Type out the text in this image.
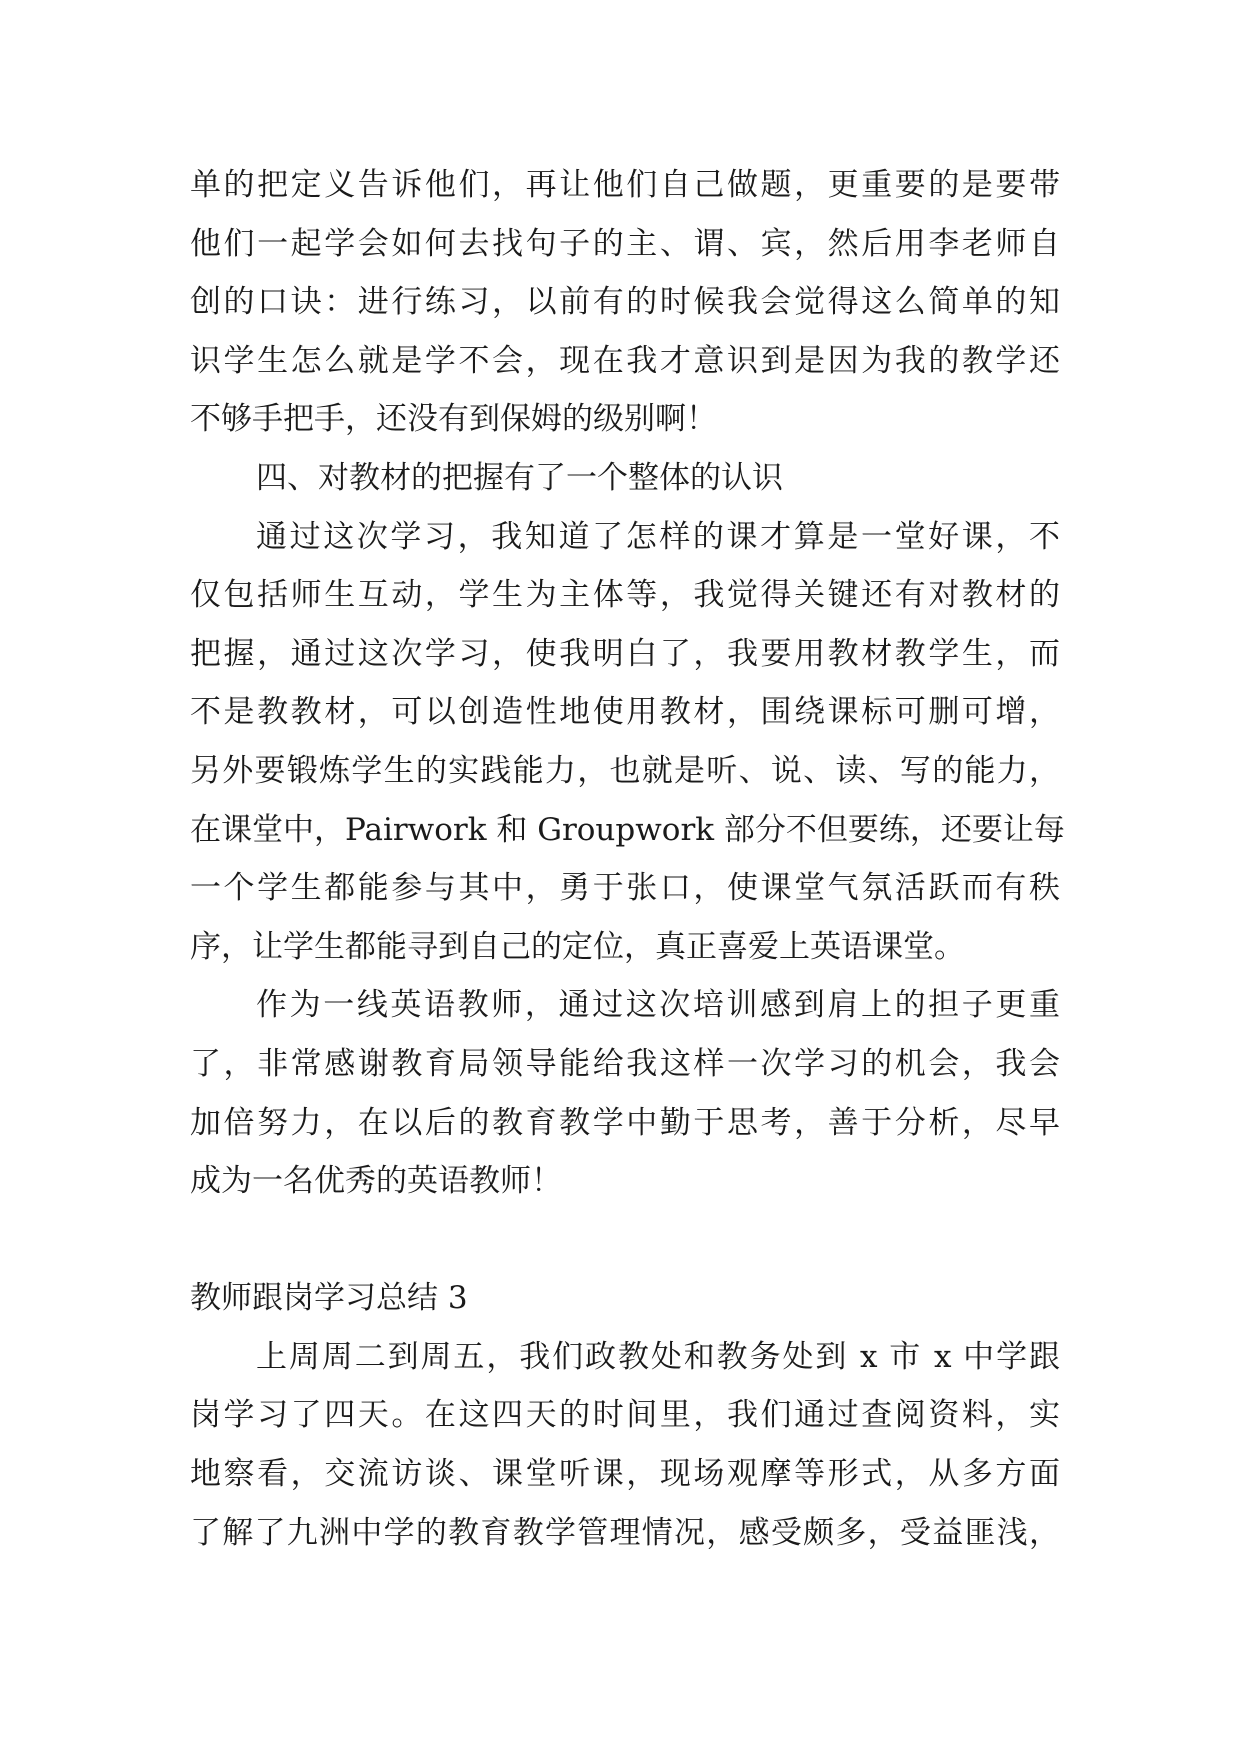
单的把定义告诉他们，再让他们自己做题，更重要的是要带
他们一起学会如何去找句子的主、谓、宾，然后用李老师自
创的口诀：进行练习，以前有的时候我会觉得这么简单的知
识学生怎么就是学不会，现在我才意识到是因为我的教学还
不够手把手，还没有到保姆的级别啊！
四、对教材的把握有了一个整体的认识
通过这次学习，我知道了怎样的课才算是一堂好课，不
仅包括师生互动，学生为主体等，我觉得关键还有对教材的
把握，通过这次学习，使我明白了，我要用教材教学生，而
不是教教材，可以创造性地使用教材，围绕课标可删可增，
另外要锻炼学生的实践能力，也就是听、说、读、写的能力，
在课堂中，Pairwork 和 Groupwork 部分不但要练，还要让每
一个学生都能参与其中，勇于张口，使课堂气氛活跃而有秩
序，让学生都能寻到自己的定位，真正喜爱上英语课堂。
作为一线英语教师，通过这次培训感到肩上的担子更重
了，非常感谢教育局领导能给我这样一次学习的机会，我会
加倍努力，在以后的教育教学中勤于思考，善于分析，尽早
成为一名优秀的英语教师！
教师跟岗学习总结 3
上周周二到周五，我们政教处和教务处到 x 市 x 中学跟
岗学习了四天。在这四天的时间里，我们通过查阅资料，实
地察看，交流访谈、课堂听课，现场观摩等形式，从多方面
了解了九洲中学的教育教学管理情况，感受颇多，受益匪浅，
